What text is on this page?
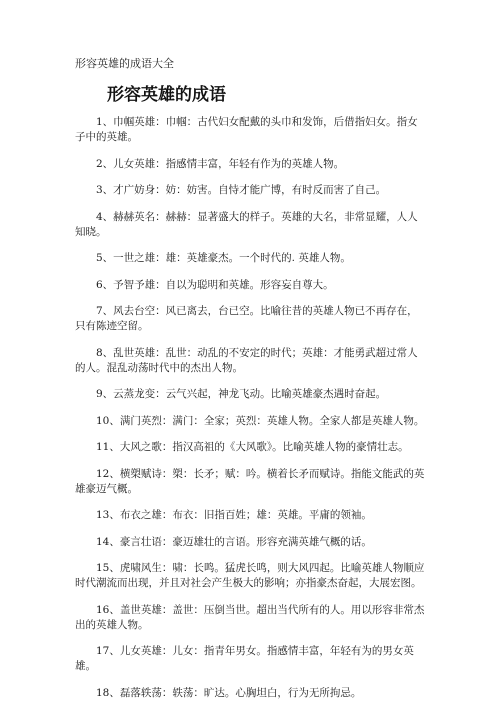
形容英雄的成语大全
形容英雄的成语

1、巾帼英雄：巾帼：古代妇女配戴的头巾和发饰，后借指妇女。指女子中的英雄。

2、儿女英雄：指感情丰富，年轻有作为的英雄人物。

3、才广妨身：妨：妨害。自恃才能广博，有时反而害了自己。

4、赫赫英名：赫赫：显著盛大的样子。英雄的大名，非常显耀，人人知晓。

5、一世之雄：雄：英雄豪杰。一个时代的. 英雄人物。

6、予智予雄：自以为聪明和英雄。形容妄自尊大。

7、风去台空：风已离去，台已空。比喻往昔的英雄人物已不再存在，只有陈迹空留。

8、乱世英雄：乱世：动乱的不安定的时代；英雄：才能勇武超过常人的人。混乱动荡时代中的杰出人物。

9、云蒸龙变：云气兴起，神龙飞动。比喻英雄豪杰遇时奋起。

10、满门英烈：满门：全家；英烈：英雄人物。全家人都是英雄人物。

11、大风之歌：指汉高祖的《大风歌》。比喻英雄人物的豪情壮志。

12、横槊赋诗：槊：长矛；赋：吟。横着长矛而赋诗。指能文能武的英雄豪迈气概。

13、布衣之雄：布衣：旧指百姓；雄：英雄。平庸的领袖。

14、豪言壮语：豪迈雄壮的言语。形容充满英雄气概的话。

15、虎啸风生：啸：长鸣。猛虎长鸣，则大风四起。比喻英雄人物顺应时代潮流而出现，并且对社会产生极大的影响；亦指豪杰奋起，大展宏图。

16、盖世英雄：盖世：压倒当世。超出当代所有的人。用以形容非常杰出的英雄人物。

17、儿女英雄：儿女：指青年男女。指感情丰富，年轻有为的男女英雄。

18、磊落轶荡：轶荡：旷达。心胸坦白，行为无所拘忌。
